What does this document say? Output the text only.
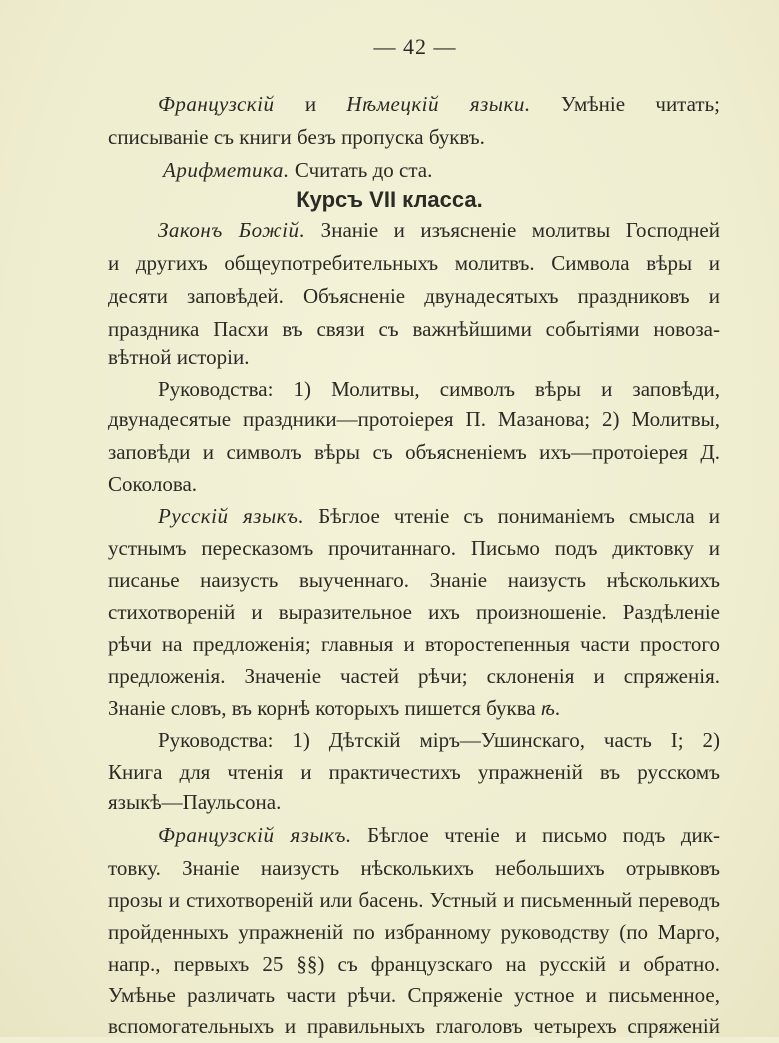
— 42 —
Французскій и Нѣмецкій языки. Умѣніе читать;
списываніе съ книги безъ пропуска буквъ.
Арифметика. Считать до ста.
Курсъ VII класса.
Законъ Божій. Знаніе и изъясненіе молитвы Господней
и другихъ общеупотребительныхъ молитвъ. Символа вѣры и
десяти заповѣдей. Объясненіе двунадесятыхъ праздниковъ и
праздника Пасхи въ связи съ важнѣйшими событіями новоза-
вѣтной исторіи.
Руководства: 1) Молитвы, символъ вѣры и заповѣди,
двунадесятые праздники—протоіерея П. Мазанова; 2) Молитвы,
заповѣди и символъ вѣры съ объясненіемъ ихъ—протоіерея Д.
Соколова.
Русскій языкъ. Бѣглое чтеніе съ пониманіемъ смысла и
устнымъ пересказомъ прочитаннаго. Письмо подъ диктовку и
писанье наизусть выученнаго. Знаніе наизусть нѣсколькихъ
стихотвореній и выразительное ихъ произношеніе. Раздѣленіе
рѣчи на предложенія; главныя и второстепенныя части простого
предложенія. Значеніе частей рѣчи; склоненія и спряженія.
Знаніе словъ, въ корнѣ которыхъ пишется буква ѣ.
Руководства: 1) Дѣтскій міръ—Ушинскаго, часть I; 2)
Книга для чтенія и практичестихъ упражненій въ русскомъ
языкѣ—Паульсона.
Французскій языкъ. Бѣглое чтеніе и письмо подъ дик-
товку. Знаніе наизусть нѣсколькихъ небольшихъ отрывковъ
прозы и стихотвореній или басень. Устный и письменный переводъ
пройденныхъ упражненій по избранному руководству (по Марго,
напр., первыхъ 25 §§) съ французскаго на русскій и обратно.
Умѣнье различать части рѣчи. Спряженіе устное и письменное,
вспомогательныхъ и правильныхъ глаголовъ четырехъ спряженій
